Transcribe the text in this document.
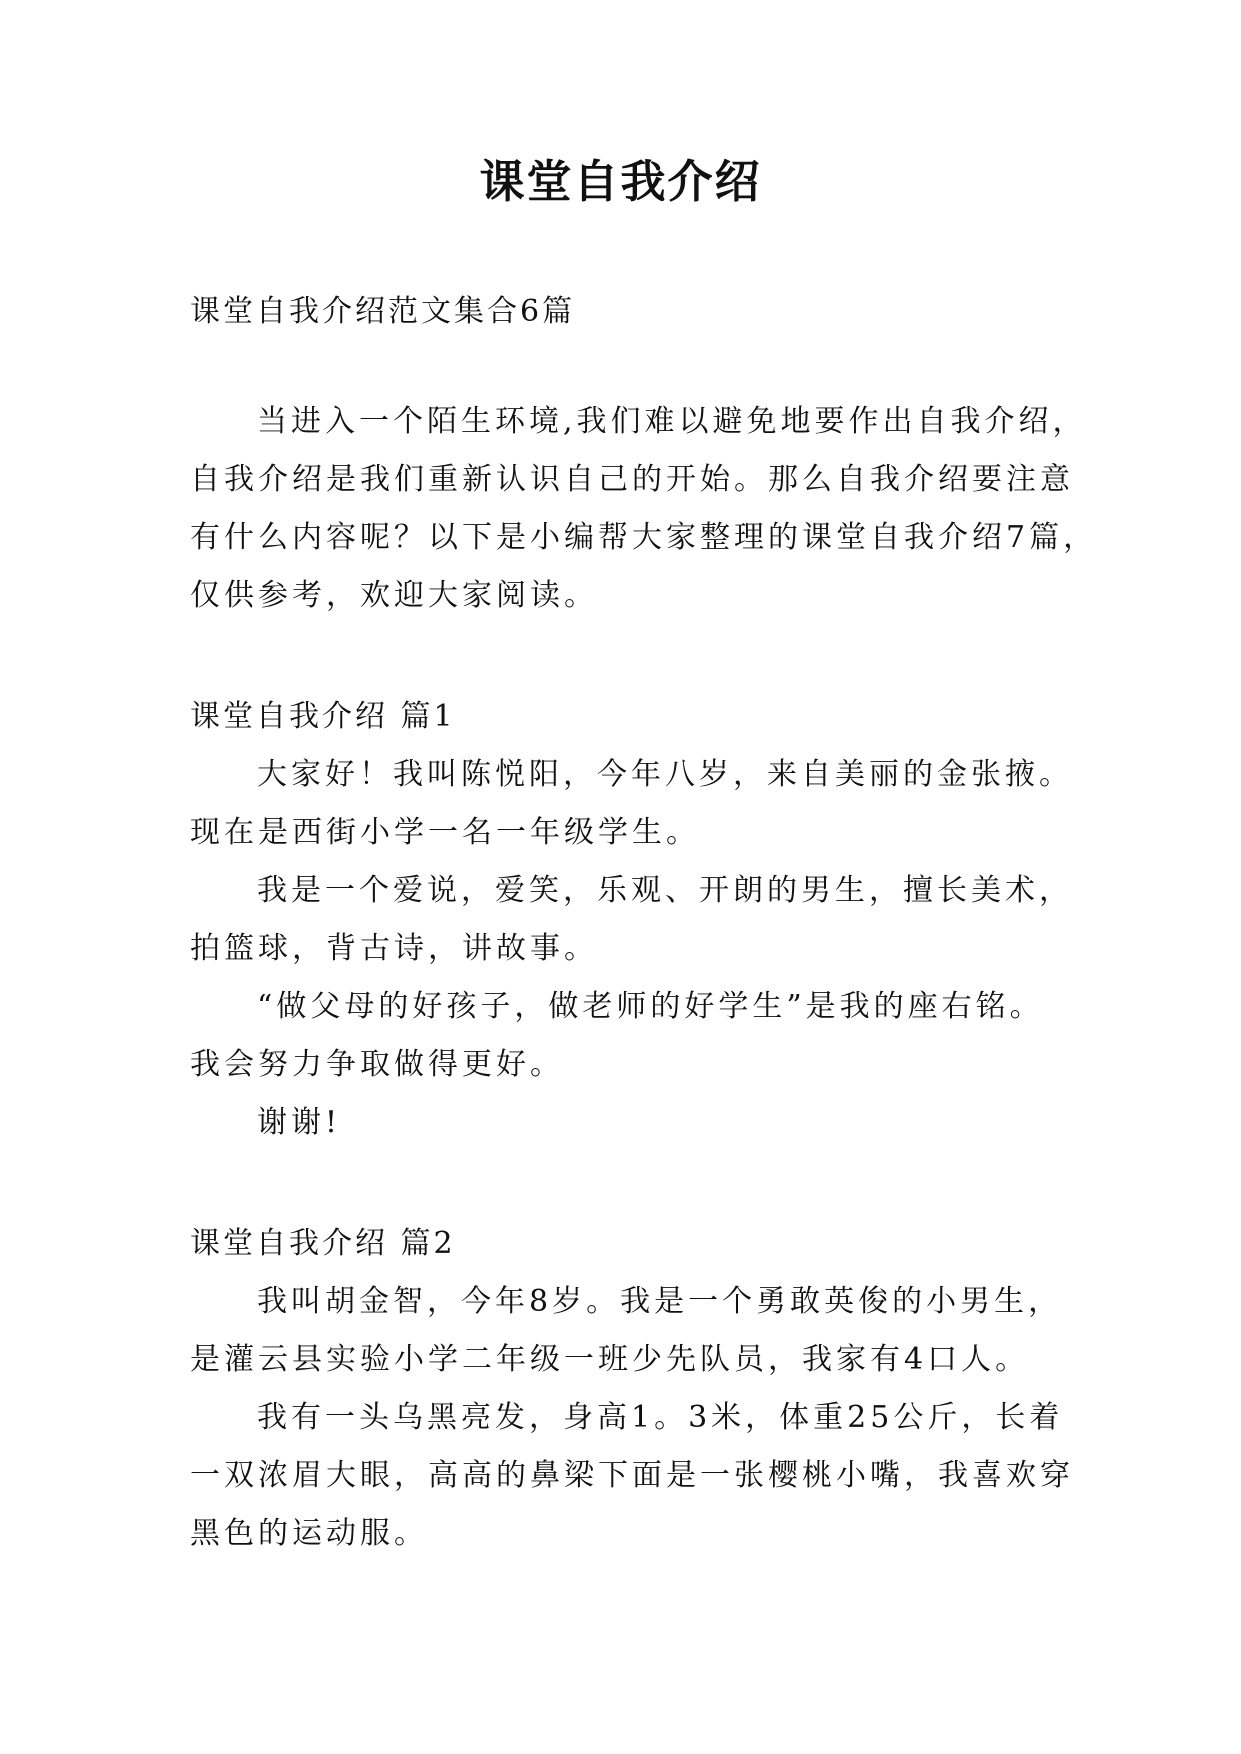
课堂自我介绍
课堂自我介绍范文集合6篇
当进入一个陌生环境,我们难以避免地要作出自我介绍，
自我介绍是我们重新认识自己的开始。那么自我介绍要注意
有什么内容呢？以下是小编帮大家整理的课堂自我介绍7篇，
仅供参考，欢迎大家阅读。
课堂自我介绍 篇1
大家好！我叫陈悦阳，今年八岁，来自美丽的金张掖。
现在是西街小学一名一年级学生。
我是一个爱说，爱笑，乐观、开朗的男生，擅长美术，
拍篮球，背古诗，讲故事。
“做父母的好孩子，做老师的好学生”是我的座右铭。
我会努力争取做得更好。
谢谢!
课堂自我介绍 篇2
我叫胡金智，今年8岁。我是一个勇敢英俊的小男生，
是灌云县实验小学二年级一班少先队员，我家有4口人。
我有一头乌黑亮发，身高1。3米，体重25公斤，长着
一双浓眉大眼，高高的鼻梁下面是一张樱桃小嘴，我喜欢穿
黑色的运动服。
